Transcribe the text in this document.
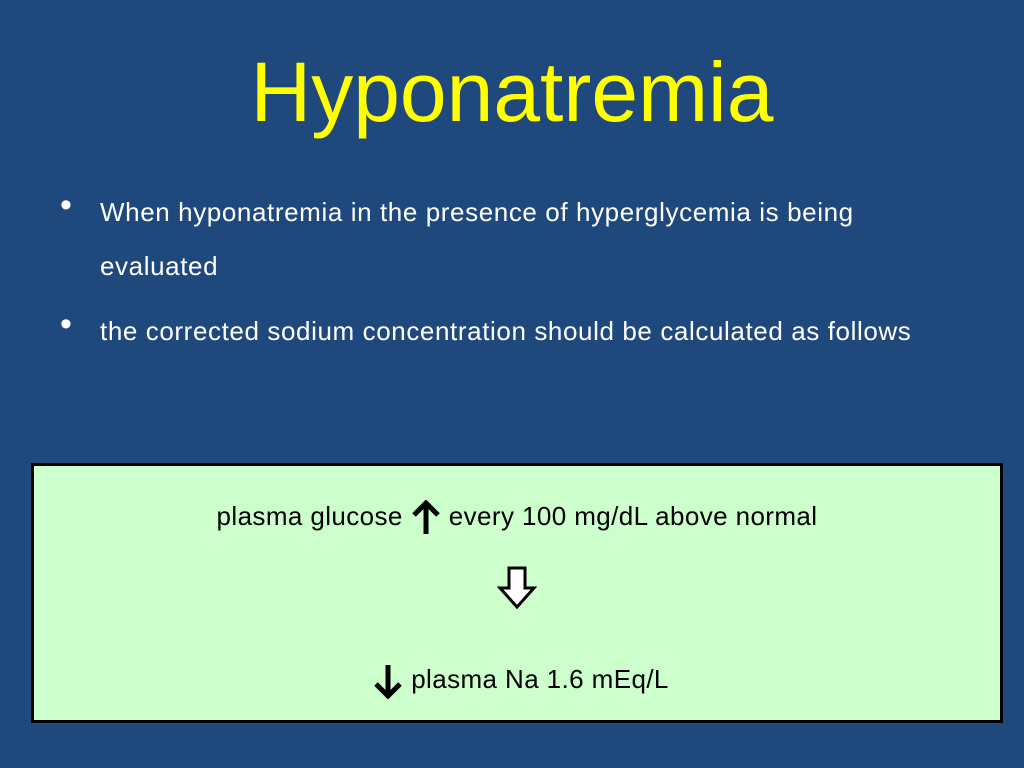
Hyponatremia
• When hyponatremia in the presence of hyperglycemia is being evaluated
• the corrected sodium concentration should be calculated as follows
plasma glucose every 100 mg/dL above normal
plasma Na 1.6 mEq/L
